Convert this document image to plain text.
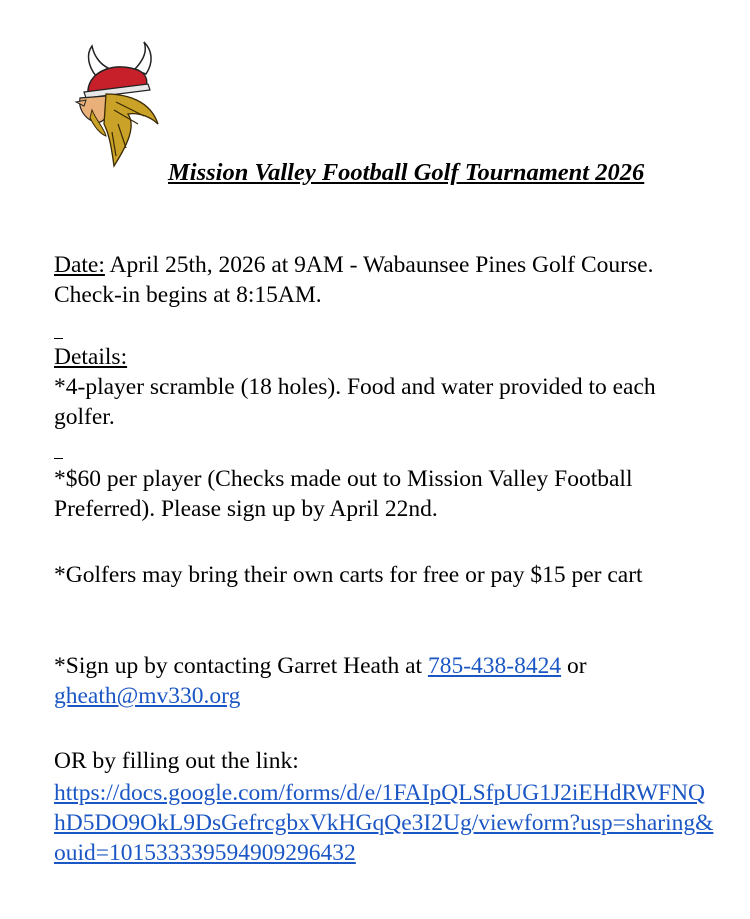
Mission Valley Football Golf Tournament 2026

Date: April 25th, 2026 at 9AM - Wabaunsee Pines Golf Course. Check-in begins at 8:15AM.

Details:

*4-player scramble (18 holes). Food and water provided to each golfer.

*$60 per player (Checks made out to Mission Valley Football Preferred). Please sign up by April 22nd.

*Golfers may bring their own carts for free or pay $15 per cart

*Sign up by contacting Garret Heath at 785-438-8424 or
gheath@mv330.org

OR by filling out the link:

https://docs.google.com/forms/d/e/1FAIpQLSfpUG1J2iEHdRWFNQhD5DO9OkL9DsGefrcgbxVkHGqQe3I2Ug/viewform?usp=sharing&ouid=101533339594909296432
